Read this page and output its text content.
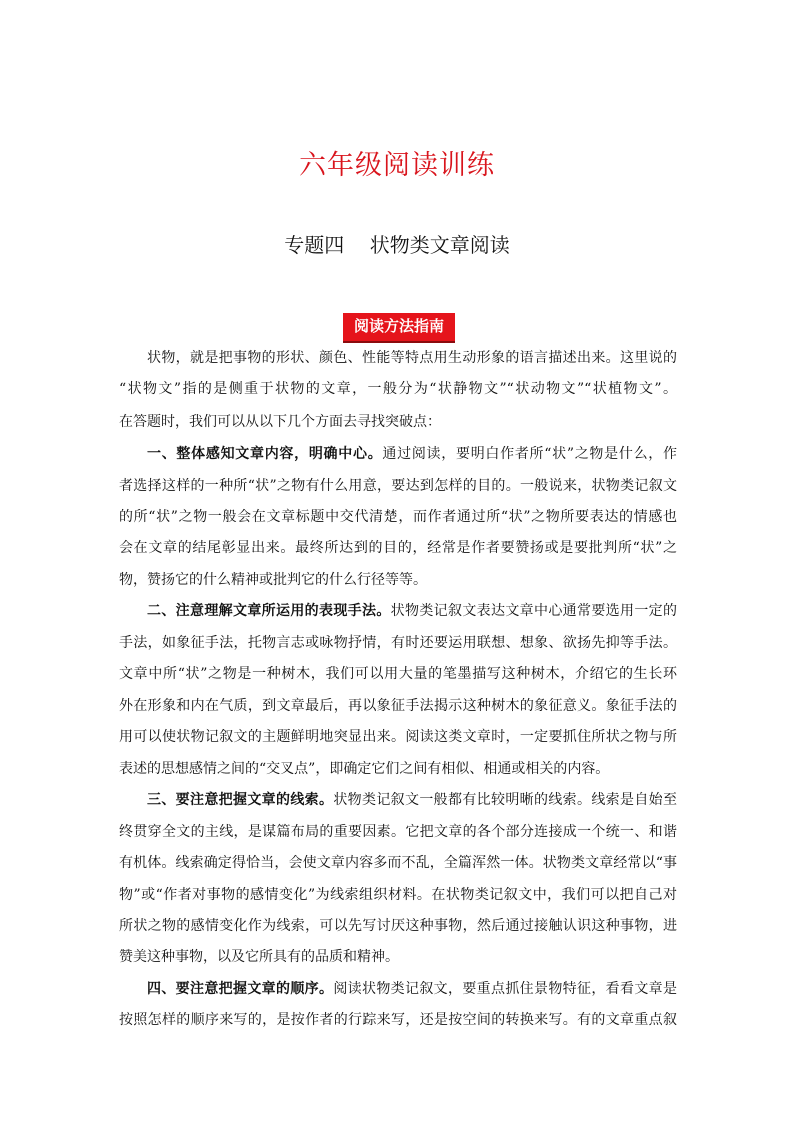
六年级阅读训练
专题四    状物类文章阅读
阅读方法指南
状物，就是把事物的形状、颜色、性能等特点用生动形象的语言描述出来。这里说的
“状物文”指的是侧重于状物的文章，一般分为“状静物文”“状动物文”“状植物文”。
在答题时，我们可以从以下几个方面去寻找突破点：
一、整体感知文章内容，明确中心。通过阅读，要明白作者所“状”之物是什么，作
者选择这样的一种所“状”之物有什么用意，要达到怎样的目的。一般说来，状物类记叙文
的所“状”之物一般会在文章标题中交代清楚，而作者通过所“状”之物所要表达的情感也
会在文章的结尾彰显出来。最终所达到的目的，经常是作者要赞扬或是要批判所“状”之
物，赞扬它的什么精神或批判它的什么行径等等。
二、注意理解文章所运用的表现手法。状物类记叙文表达文章中心通常要选用一定的
手法，如象征手法，托物言志或咏物抒情，有时还要运用联想、想象、欲扬先抑等手法。
文章中所“状”之物是一种树木，我们可以用大量的笔墨描写这种树木，介绍它的生长环
外在形象和内在气质，到文章最后，再以象征手法揭示这种树木的象征意义。象征手法的
用可以使状物记叙文的主题鲜明地突显出来。阅读这类文章时，一定要抓住所状之物与所
表述的思想感情之间的“交叉点”，即确定它们之间有相似、相通或相关的内容。
三、要注意把握文章的线索。状物类记叙文一般都有比较明晰的线索。线索是自始至
终贯穿全文的主线，是谋篇布局的重要因素。它把文章的各个部分连接成一个统一、和谐
有机体。线索确定得恰当，会使文章内容多而不乱，全篇浑然一体。状物类文章经常以“事
物”或“作者对事物的感情变化”为线索组织材料。在状物类记叙文中，我们可以把自己对
所状之物的感情变化作为线索，可以先写讨厌这种事物，然后通过接触认识这种事物，进
赞美这种事物，以及它所具有的品质和精神。
四、要注意把握文章的顺序。阅读状物类记叙文，要重点抓住景物特征，看看文章是
按照怎样的顺序来写的，是按作者的行踪来写，还是按空间的转换来写。有的文章重点叙
